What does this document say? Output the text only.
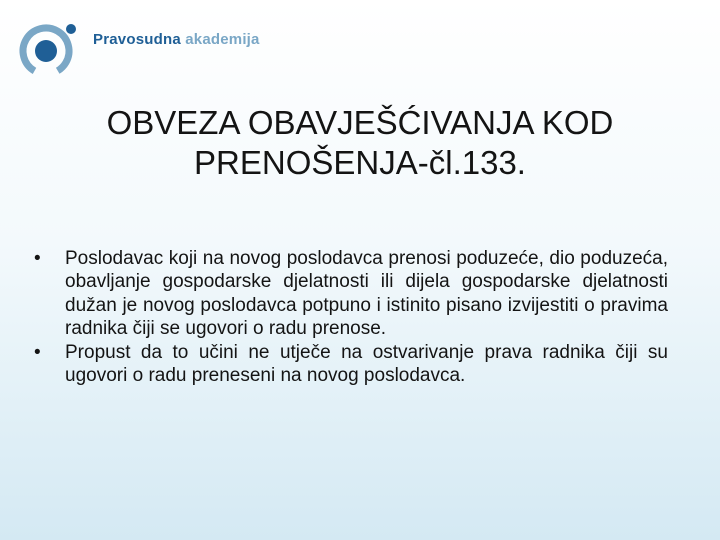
Pravosudna akademija
OBVEZA OBAVJEŠĆIVANJA KOD
PRENOŠENJA-čl.133.
• Poslodavac koji na novog poslodavca prenosi poduzeće, dio poduzeća, obavljanje gospodarske djelatnosti ili dijela gospodarske djelatnosti dužan je novog poslodavca potpuno i istinito pisano izvijestiti o pravima radnika čiji se ugovori o radu prenose.
• Propust da to učini ne utječe na ostvarivanje prava radnika čiji su ugovori o radu preneseni na novog poslodavca.
